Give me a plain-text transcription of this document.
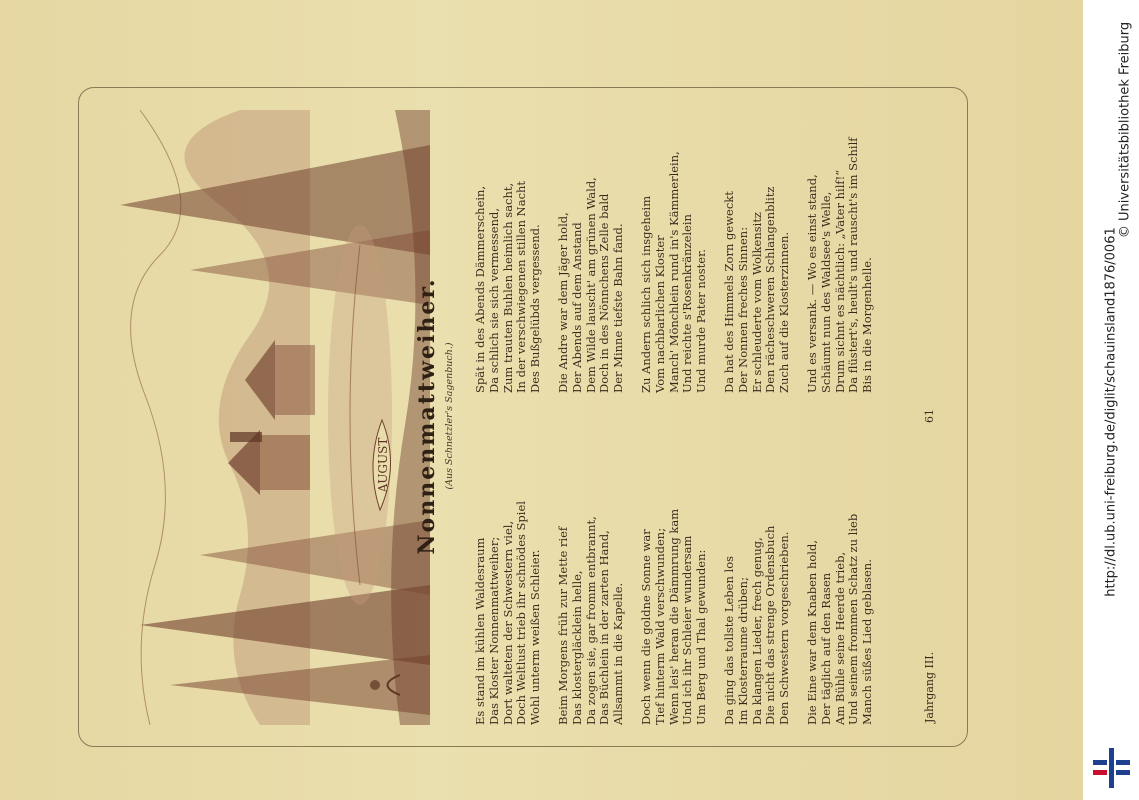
AUGUST Nonnenmattweiher. (Aus Schnetzler's Sagenbuch.)
Es stand im kühlen Waldesraum Das Kloster Nonnenmattweiher; Dort walteten der Schwestern viel, Doch Weltlust trieb ihr schnödes Spiel Wohl unterm weißen Schleier. Beim Morgens früh zur Mette rief Das klostergläcklein helle, Da zogen sie, gar fromm entbrannt, Das Büchlein in der zarten Hand, Allsammt in die Kapelle. Doch wenn die goldne Sonne war Tief hinterm Wald verschwunden; Wenn leis' heran die Dämmrung kam Und ich ihr Schleier wundersam Um Berg und Thal gewunden: Da ging das tollste Leben los Im Klosterraume drüben; Da klangen Lieder, frech genug, Die nicht das strenge Ordensbuch Den Schwestern vorgeschrieben. Die Eine war dem Knaben hold, Der täglich auf den Rasen Am Bühle seine Heerde trieb, Und seinem frommen Schatz zu lieb Manch süßes Lied geblasen.
Spät in des Abends Dämmerschein, Da schlich sie sich vermessend, Zum trauten Buhlen heimlich sacht, In der verschwiegenen stillen Nacht Des Bußgelübds vergessend. Die Andre war dem Jäger hold, Der Abends auf dem Anstand Dem Wilde lauscht' am grünen Wald, Doch in des Nönnchens Zelle bald Der Minne tiefste Bahn fand. Zu Andern schlich sich insgeheim Vom nachbarlichen Kloster Manch' Mönchlein rund in's Kämmerlein, Und reichte s'Rosenkränzelein Und murde Pater noster. Da hat des Himmels Zorn geweckt Der Nonnen freches Sinnen: Er schleuderte vom Wolkensitz Den rächeschweren Schlangenblitz Zuch auf die Klosterzinnen. Und es versank. — Wo es einst stand, Schäumt nun des Waldsee's Welle, Drum sichnt es nächtlich: „Vater hilf!“ Da flüstert's, heult's und rauscht's im Schilf Bis in die Morgenhelle.
Jahrgang III.
61	http://dl.ub.uni-freiburg.de/diglit/schauinsland1876/0061
© Universitätsbibliothek Freiburg
